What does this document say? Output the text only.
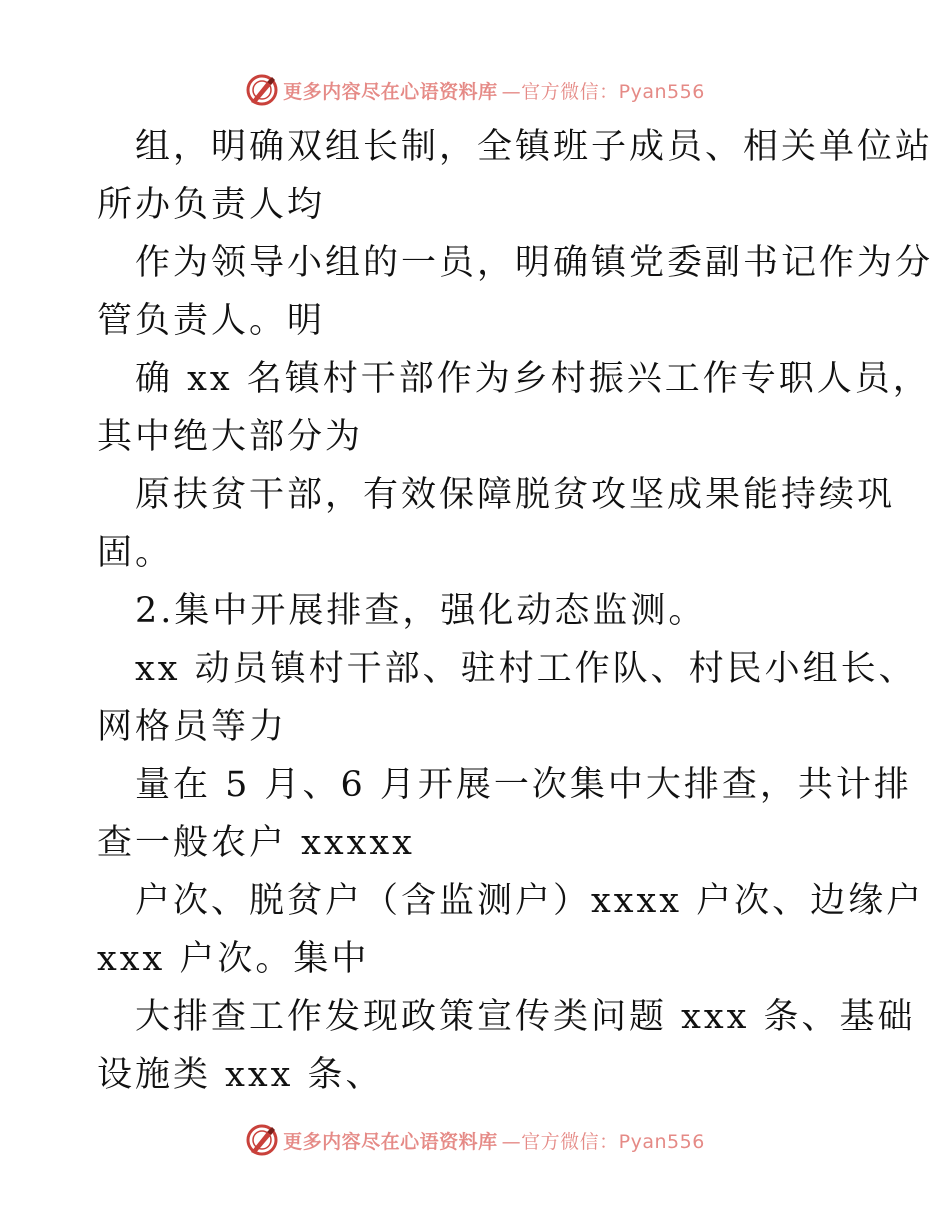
更多内容尽在心语资料库 —官方微信：Pyan556
组，明确双组长制，全镇班子成员、相关单位站
所办负责人均
作为领导小组的一员，明确镇党委副书记作为分
管负责人。明
确 xx 名镇村干部作为乡村振兴工作专职人员，
其中绝大部分为
原扶贫干部，有效保障脱贫攻坚成果能持续巩
固。
2.集中开展排查，强化动态监测。
xx 动员镇村干部、驻村工作队、村民小组长、
网格员等力
量在 5 月、6 月开展一次集中大排查，共计排
查一般农户 xxxxx
户次、脱贫户（含监测户）xxxx 户次、边缘户
xxx 户次。集中
大排查工作发现政策宣传类问题 xxx 条、基础
设施类 xxx 条、
更多内容尽在心语资料库 —官方微信：Pyan556
